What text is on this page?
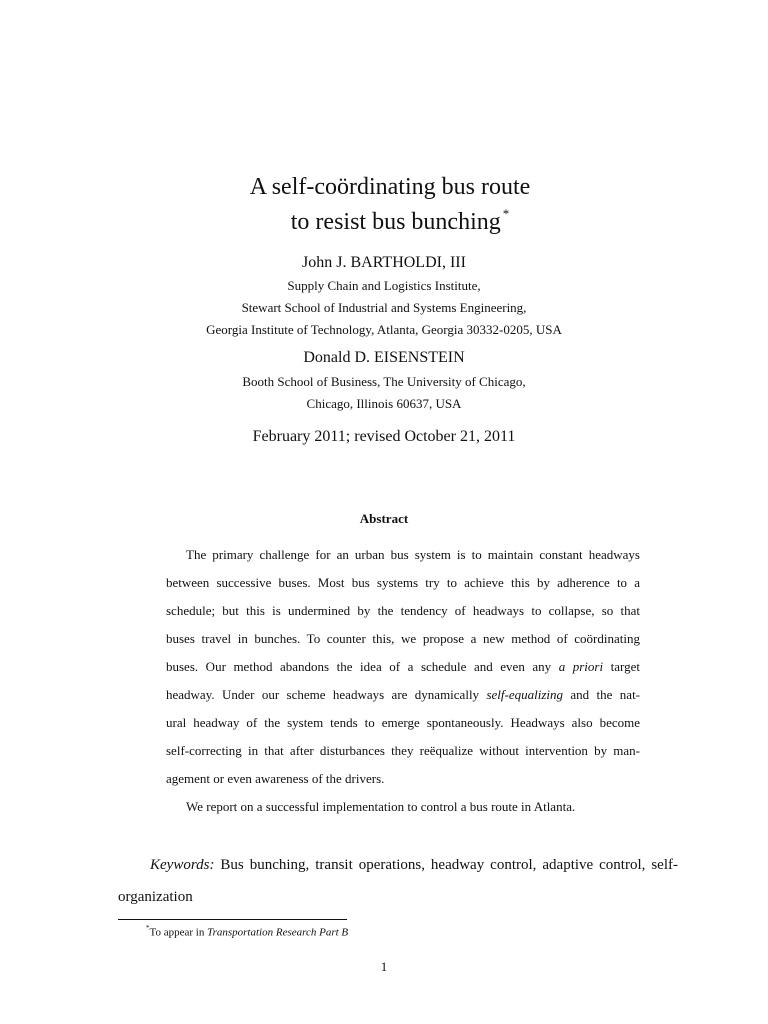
A self-coördinating bus route
to resist bus bunching *
John J. BARTHOLDI, III
Supply Chain and Logistics Institute,
Stewart School of Industrial and Systems Engineering,
Georgia Institute of Technology, Atlanta, Georgia 30332-0205, USA
Donald D. EISENSTEIN
Booth School of Business, The University of Chicago,
Chicago, Illinois 60637, USA
February 2011; revised October 21, 2011
Abstract
The primary challenge for an urban bus system is to maintain constant headways
between successive buses. Most bus systems try to achieve this by adherence to a
schedule; but this is undermined by the tendency of headways to collapse, so that
buses travel in bunches. To counter this, we propose a new method of coördinating
buses. Our method abandons the idea of a schedule and even any a priori target
headway. Under our scheme headways are dynamically self-equalizing and the nat-
ural headway of the system tends to emerge spontaneously. Headways also become
self-correcting in that after disturbances they reëqualize without intervention by man-
agement or even awareness of the drivers.
We report on a successful implementation to control a bus route in Atlanta.
Keywords: Bus bunching, transit operations, headway control, adaptive control, self-
organization
*To appear in Transportation Research Part B
1
